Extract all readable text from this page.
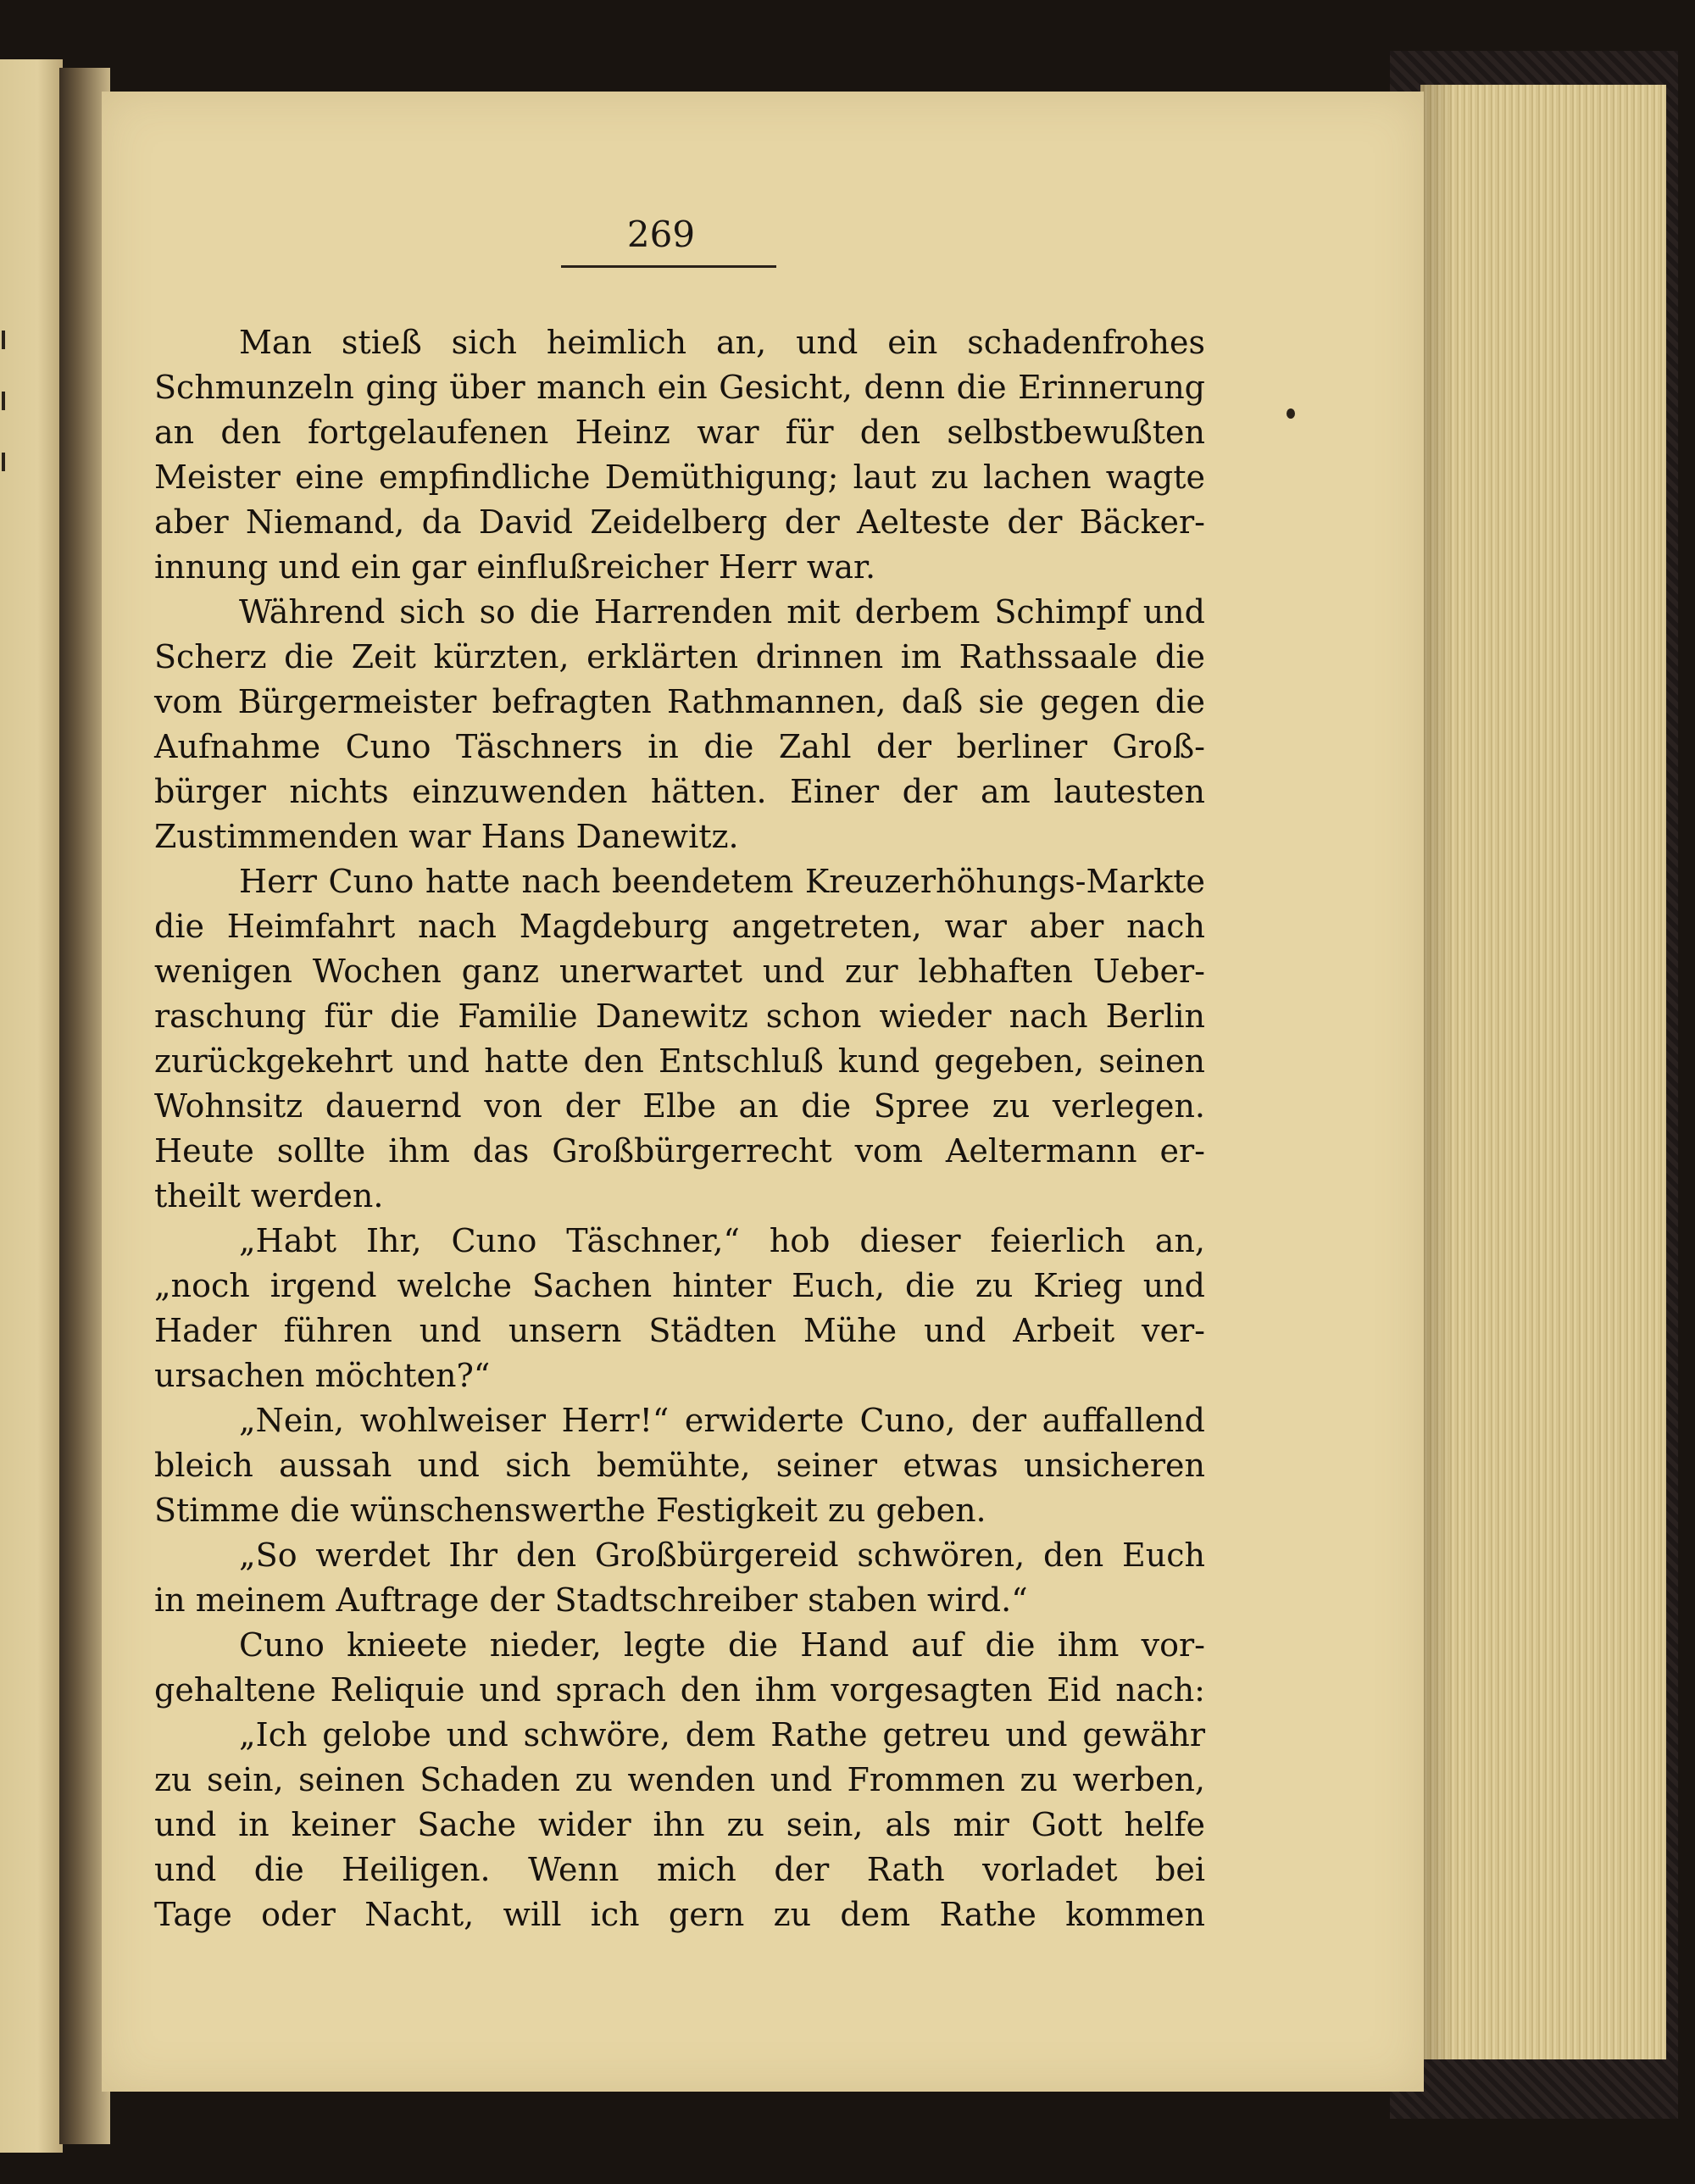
269
Man stieß sich heimlich an, und ein schadenfrohes
Schmunzeln ging über manch ein Gesicht, denn die Erinnerung
an den fortgelaufenen Heinz war für den selbstbewußten
Meister eine empfindliche Demüthigung; laut zu lachen wagte
aber Niemand, da David Zeidelberg der Aelteste der Bäcker-
innung und ein gar einflußreicher Herr war.
Während sich so die Harrenden mit derbem Schimpf und
Scherz die Zeit kürzten, erklärten drinnen im Rathssaale die
vom Bürgermeister befragten Rathmannen, daß sie gegen die
Aufnahme Cuno Täschners in die Zahl der berliner Groß-
bürger nichts einzuwenden hätten. Einer der am lautesten
Zustimmenden war Hans Danewitz.
Herr Cuno hatte nach beendetem Kreuzerhöhungs-Markte
die Heimfahrt nach Magdeburg angetreten, war aber nach
wenigen Wochen ganz unerwartet und zur lebhaften Ueber-
raschung für die Familie Danewitz schon wieder nach Berlin
zurückgekehrt und hatte den Entschluß kund gegeben, seinen
Wohnsitz dauernd von der Elbe an die Spree zu verlegen.
Heute sollte ihm das Großbürgerrecht vom Aeltermann er-
theilt werden.
„Habt Ihr, Cuno Täschner,“ hob dieser feierlich an,
„noch irgend welche Sachen hinter Euch, die zu Krieg und
Hader führen und unsern Städten Mühe und Arbeit ver-
ursachen möchten?“
„Nein, wohlweiser Herr!“ erwiderte Cuno, der auffallend
bleich aussah und sich bemühte, seiner etwas unsicheren
Stimme die wünschenswerthe Festigkeit zu geben.
„So werdet Ihr den Großbürgereid schwören, den Euch
in meinem Auftrage der Stadtschreiber staben wird.“
Cuno knieete nieder, legte die Hand auf die ihm vor-
gehaltene Reliquie und sprach den ihm vorgesagten Eid nach:
„Ich gelobe und schwöre, dem Rathe getreu und gewähr
zu sein, seinen Schaden zu wenden und Frommen zu werben,
und in keiner Sache wider ihn zu sein, als mir Gott helfe
und die Heiligen. Wenn mich der Rath vorladet bei
Tage oder Nacht, will ich gern zu dem Rathe kommen
